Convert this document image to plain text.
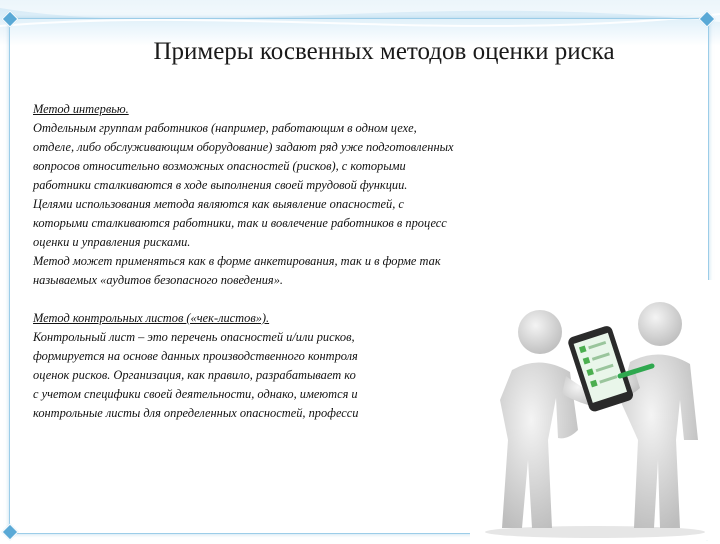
Примеры косвенных методов оценки риска

Метод интервью.

Отдельным группам работников (например, работающим в одном цехе,

отделе, либо обслуживающим оборудование) задают ряд уже подготовленных

вопросов относительно возможных опасностей (рисков), с которыми

работники сталкиваются в ходе выполнения своей трудовой функции.

Целями использования метода являются как выявление опасностей, с

которыми сталкиваются работники, так и вовлечение работников в процесс

оценки и управления рисками.

Метод может применяться как в форме анкетирования, так и в форме так

называемых «аудитов безопасного поведения».

Метод контрольных листов («чек-листов»).

Контрольный лист – это перечень опасностей и/или рисков,

формируется на основе данных производственного контроля

оценок рисков. Организация, как правило, разрабатывает ко

с учетом специфики своей деятельности, однако, имеются и

контрольные листы для определенных опасностей, професси
